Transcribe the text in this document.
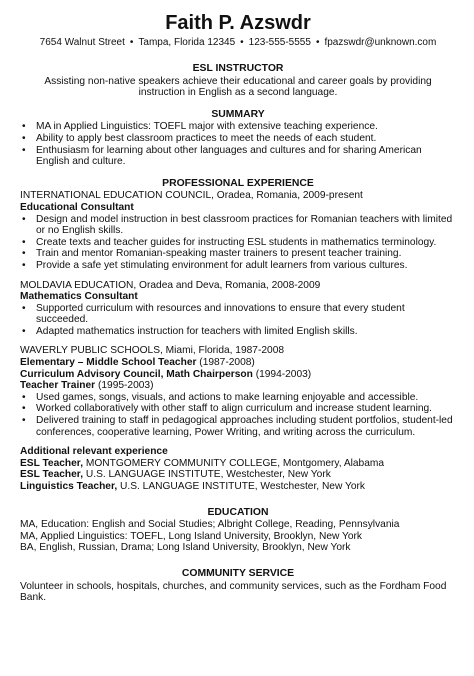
Faith P. Azswdr
7654 Walnut Street • Tampa, Florida 12345 • 123-555-5555 • fpazswdr@unknown.com
ESL INSTRUCTOR
Assisting non-native speakers achieve their educational and career goals by providing instruction in English as a second language.
SUMMARY
• MA in Applied Linguistics: TOEFL major with extensive teaching experience.
• Ability to apply best classroom practices to meet the needs of each student.
• Enthusiasm for learning about other languages and cultures and for sharing American English and culture.
PROFESSIONAL EXPERIENCE
INTERNATIONAL EDUCATION COUNCIL, Oradea, Romania, 2009-present
Educational Consultant
• Design and model instruction in best classroom practices for Romanian teachers with limited or no English skills.
• Create texts and teacher guides for instructing ESL students in mathematics terminology.
• Train and mentor Romanian-speaking master trainers to present teacher training.
• Provide a safe yet stimulating environment for adult learners from various cultures.
MOLDAVIA EDUCATION, Oradea and Deva, Romania, 2008-2009
Mathematics Consultant
• Supported curriculum with resources and innovations to ensure that every student succeeded.
• Adapted mathematics instruction for teachers with limited English skills.
WAVERLY PUBLIC SCHOOLS, Miami, Florida, 1987-2008
Elementary – Middle School Teacher (1987-2008)
Curriculum Advisory Council, Math Chairperson (1994-2003)
Teacher Trainer (1995-2003)
• Used games, songs, visuals, and actions to make learning enjoyable and accessible.
• Worked collaboratively with other staff to align curriculum and increase student learning.
• Delivered training to staff in pedagogical approaches including student portfolios, student-led conferences, cooperative learning, Power Writing, and writing across the curriculum.
Additional relevant experience
ESL Teacher, MONTGOMERY COMMUNITY COLLEGE, Montgomery, Alabama
ESL Teacher, U.S. LANGUAGE INSTITUTE, Westchester, New York
Linguistics Teacher, U.S. LANGUAGE INSTITUTE, Westchester, New York
EDUCATION
MA, Education: English and Social Studies; Albright College, Reading, Pennsylvania
MA, Applied Linguistics: TOEFL, Long Island University, Brooklyn, New York
BA, English, Russian, Drama; Long Island University, Brooklyn, New York
COMMUNITY SERVICE
Volunteer in schools, hospitals, churches, and community services, such as the Fordham Food Bank.
